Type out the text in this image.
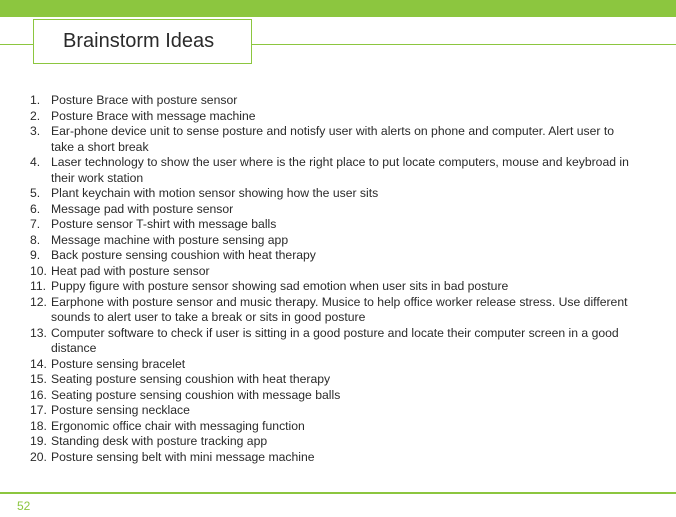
Brainstorm Ideas
1. Posture Brace with posture sensor
2. Posture Brace with message machine
3. Ear-phone device unit to sense posture and notisfy user with alerts on phone and computer. Alert user to take a short break
4. Laser technology to show the user where is the right place to put locate computers, mouse and keybroad in their work station
5. Plant keychain with motion sensor showing how the user sits
6. Message pad with posture sensor
7. Posture sensor T-shirt with message balls
8. Message machine with posture sensing app
9. Back posture sensing coushion with heat therapy
10. Heat pad with posture sensor
11. Puppy figure with posture sensor showing sad emotion when user sits in bad posture
12. Earphone with posture sensor and music therapy. Musice to help office worker release stress. Use different sounds to alert user to take a break or sits in good posture
13. Computer software to check if user is sitting in a good posture and locate their computer screen in a good distance
14. Posture sensing bracelet
15. Seating posture sensing coushion with heat therapy
16. Seating posture sensing coushion with message balls
17. Posture sensing necklace
18. Ergonomic office chair with messaging function
19. Standing desk with posture tracking app
20. Posture sensing belt with mini message machine
52
